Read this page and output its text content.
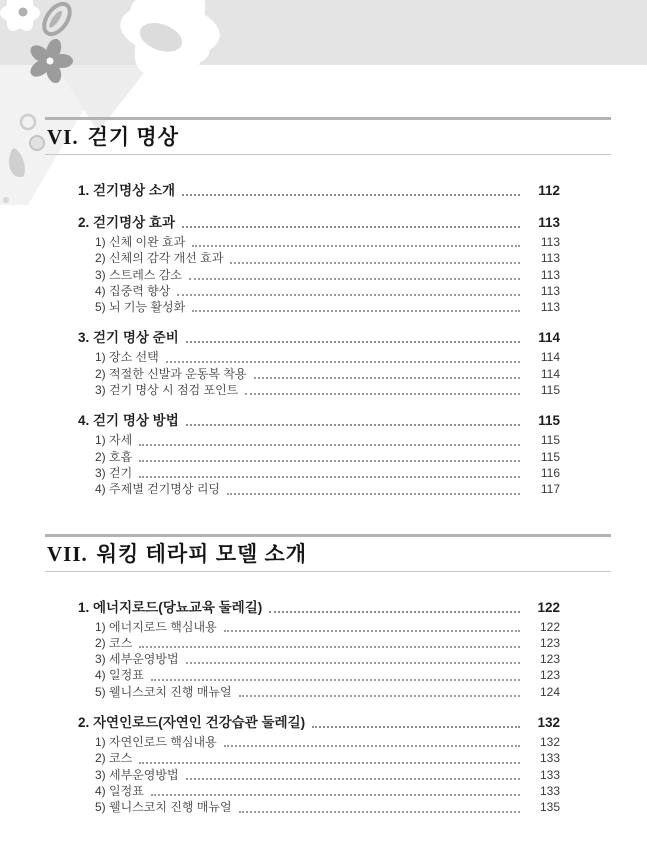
VI. 걷기 명상
1. 걷기명상 소개	112
2. 걷기명상 효과	113
1) 신체 이완 효과	113
2) 신체의 감각 개선 효과	113
3) 스트레스 감소	113
4) 집중력 향상	113
5) 뇌 기능 활성화	113
3. 걷기 명상 준비	114
1) 장소 선택	114
2) 적절한 신발과 운동복 착용	114
3) 걷기 명상 시 점검 포인트	115
4. 걷기 명상 방법	115
1) 자세	115
2) 호흡	115
3) 걷기	116
4) 주제별 걷기명상 리딩	117
VII. 워킹 테라피 모델 소개
1. 에너지로드(당뇨교육 둘레길)	122
1) 에너지로드 핵심내용	122
2) 코스	123
3) 세부운영방법	123
4) 일정표	123
5) 웰니스코치 진행 매뉴얼	124
2. 자연인로드(자연인 건강습관 둘레길)	132
1) 자연인로드 핵심내용	132
2) 코스	133
3) 세부운영방법	133
4) 일정표	133
5) 웰니스코치 진행 매뉴얼	135
